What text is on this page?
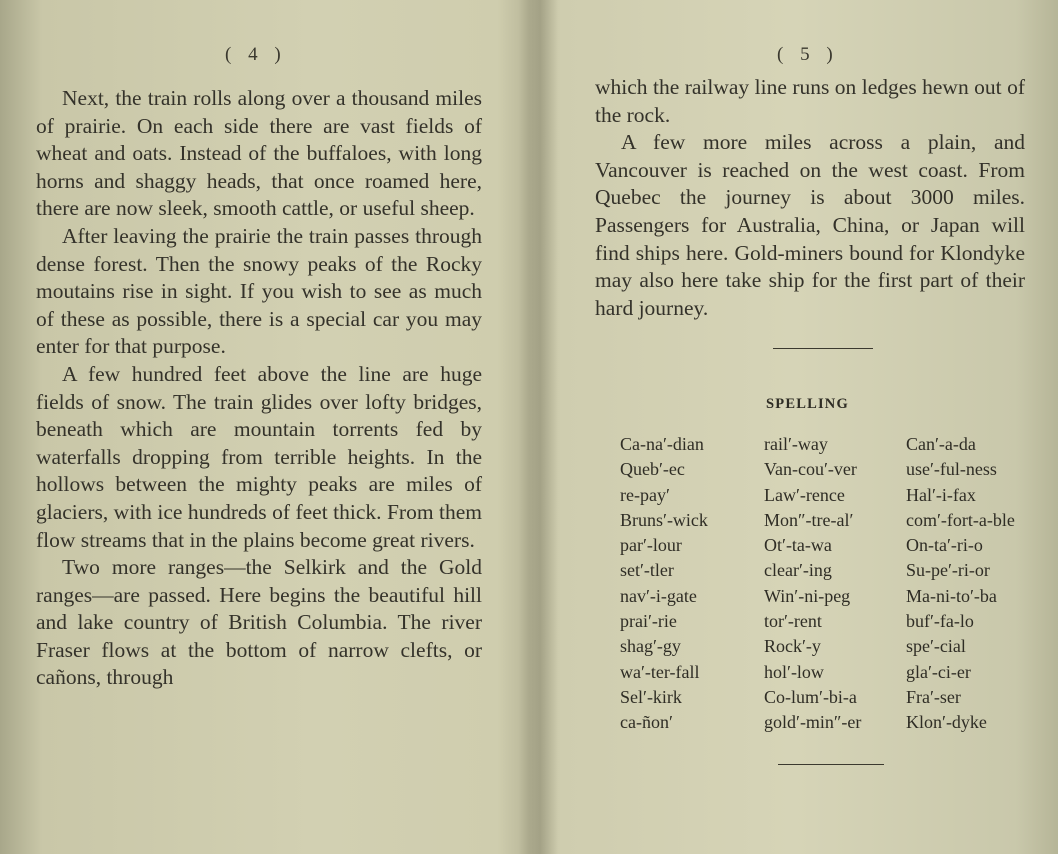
( 4 )

Next, the train rolls along over a thousand miles of prairie. On each side there are vast fields of wheat and oats. Instead of the buffaloes, with long horns and shaggy heads, that once roamed here, there are now sleek, smooth cattle, or useful sheep.

After leaving the prairie the train passes through dense forest. Then the snowy peaks of the Rocky moutains rise in sight. If you wish to see as much of these as possible, there is a special car you may enter for that purpose.

A few hundred feet above the line are huge fields of snow. The train glides over lofty bridges, beneath which are mountain torrents fed by waterfalls dropping from terrible heights. In the hollows between the mighty peaks are miles of glaciers, with ice hundreds of feet thick. From them flow streams that in the plains become great rivers.

Two more ranges—the Selkirk and the Gold ranges—are passed. Here begins the beautiful hill and lake country of British Columbia. The river Fraser flows at the bottom of narrow clefts, or cañons, through

( 5 )

which the railway line runs on ledges hewn out of the rock.

A few more miles across a plain, and Vancouver is reached on the west coast. From Quebec the journey is about 3000 miles. Passengers for Australia, China, or Japan will find ships here. Gold-miners bound for Klondyke may also here take ship for the first part of their hard journey.

SPELLING
Ca-na′-dian	rail′-way	Can′-a-da
Queb′-ec	Van-cou′-ver	use′-ful-ness
re-pay′	Law′-rence	Hal′-i-fax
Bruns′-wick	Mon″-tre-al′	com′-fort-a-ble
par′-lour	Ot′-ta-wa	On-ta′-ri-o
set′-tler	clear′-ing	Su-pe′-ri-or
nav′-i-gate	Win′-ni-peg	Ma-ni-to′-ba
prai′-rie	tor′-rent	buf′-fa-lo
shag′-gy	Rock′-y	spe′-cial
wa′-ter-fall	hol′-low	gla′-ci-er
Sel′-kirk	Co-lum′-bi-a	Fra′-ser
ca-ñon′	gold′-min″-er	Klon′-dyke
